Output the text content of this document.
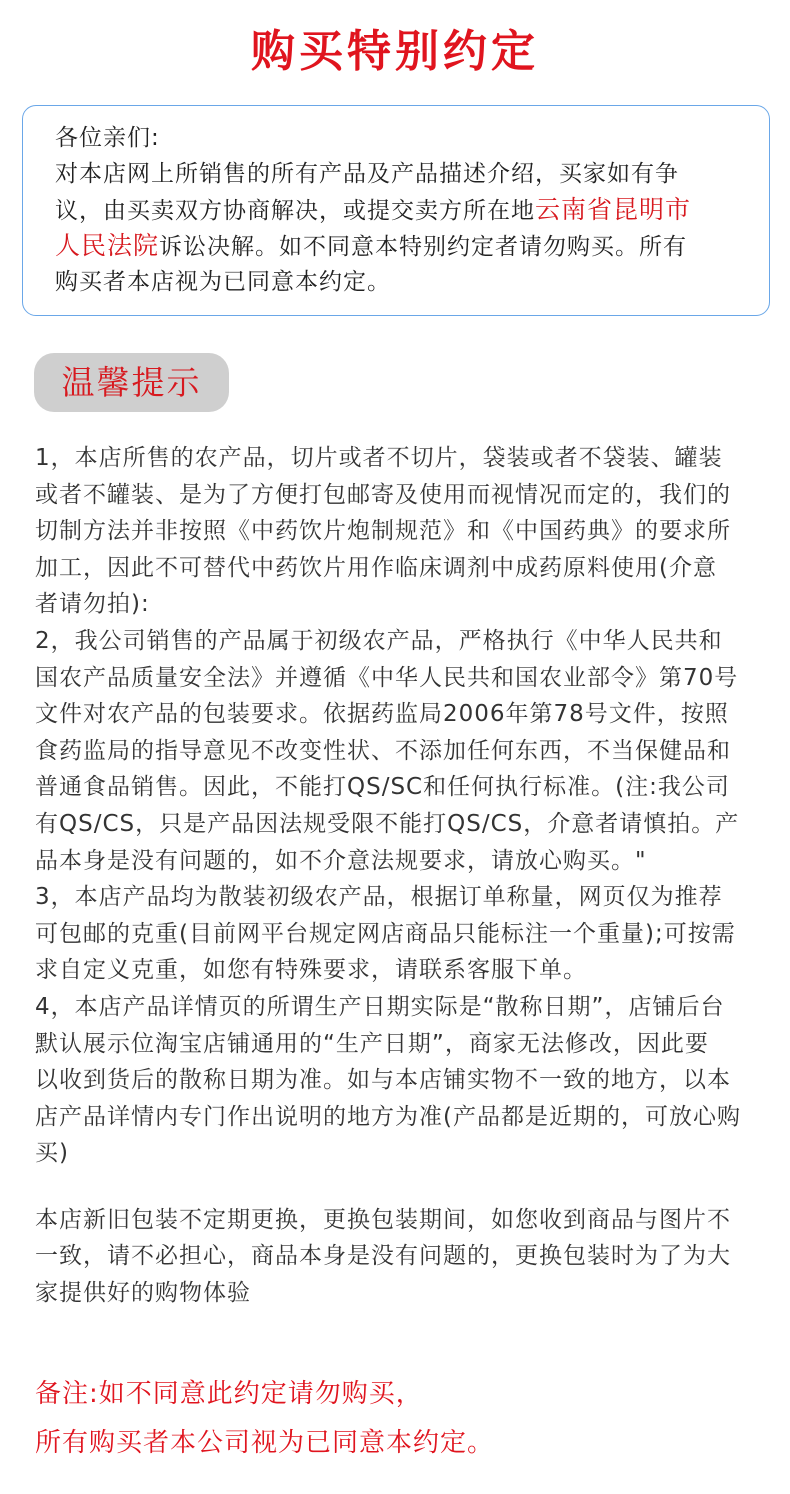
购买特别约定
各位亲们:
对本店网上所销售的所有产品及产品描述介绍，买家如有争
议，由买卖双方协商解决，或提交卖方所在地云南省昆明市
人民法院诉讼决解。如不同意本特别约定者请勿购买。所有
购买者本店视为已同意本约定。
温馨提示
1，本店所售的农产品，切片或者不切片，袋装或者不袋装、罐装
或者不罐装、是为了方便打包邮寄及使用而视情况而定的，我们的
切制方法并非按照《中药饮片炮制规范》和《中国药典》的要求所
加工，因此不可替代中药饮片用作临床调剂中成药原料使用(介意
者请勿拍):
2，我公司销售的产品属于初级农产品，严格执行《中华人民共和
国农产品质量安全法》并遵循《中华人民共和国农业部令》第70号
文件对农产品的包装要求。依据药监局2006年第78号文件，按照
食药监局的指导意见不改变性状、不添加任何东西，不当保健品和
普通食品销售。因此，不能打QS/SC和任何执行标准。(注:我公司
有QS/CS，只是产品因法规受限不能打QS/CS，介意者请慎拍。产
品本身是没有问题的，如不介意法规要求，请放心购买。"
3，本店产品均为散装初级农产品，根据订单称量，网页仅为推荐
可包邮的克重(目前网平台规定网店商品只能标注一个重量);可按需
求自定义克重，如您有特殊要求，请联系客服下单。
4，本店产品详情页的所谓生产日期实际是“散称日期”，店铺后台
默认展示位淘宝店铺通用的“生产日期”，商家无法修改，因此要
以收到货后的散称日期为准。如与本店铺实物不一致的地方，以本
店产品详情内专门作出说明的地方为准(产品都是近期的，可放心购
买)
本店新旧包装不定期更换，更换包装期间，如您收到商品与图片不
一致，请不必担心，商品本身是没有问题的，更换包装时为了为大
家提供好的购物体验
备注:如不同意此约定请勿购买，
所有购买者本公司视为已同意本约定。
